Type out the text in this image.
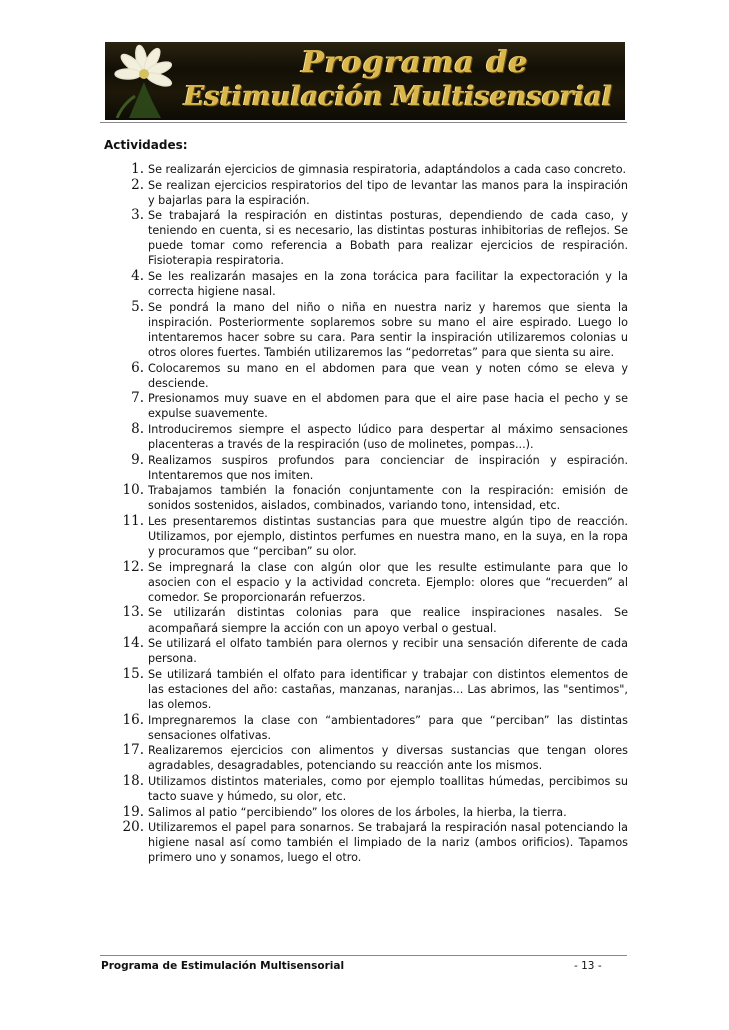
Programa de
Estimulación Multisensorial
Actividades:
1. Se realizarán ejercicios de gimnasia respiratoria, adaptándolos a cada caso concreto.
2. Se realizan ejercicios respiratorios del tipo de levantar las manos para la inspiración y bajarlas para la espiración.
3. Se trabajará la respiración en distintas posturas, dependiendo de cada caso, y teniendo en cuenta, si es necesario, las distintas posturas inhibitorias de reflejos. Se puede tomar como referencia a Bobath para realizar ejercicios de respiración. Fisioterapia respiratoria.
4. Se les realizarán masajes en la zona torácica para facilitar la expectoración y la correcta higiene nasal.
5. Se pondrá la mano del niño o niña en nuestra nariz y haremos que sienta la inspiración. Posteriormente soplaremos sobre su mano el aire espirado. Luego lo intentaremos hacer sobre su cara. Para sentir la inspiración utilizaremos colonias u otros olores fuertes. También utilizaremos las “pedorretas” para que sienta su aire.
6. Colocaremos su mano en el abdomen para que vean y noten cómo se eleva y desciende.
7. Presionamos muy suave en el abdomen para que el aire pase hacia el pecho y se expulse suavemente.
8. Introduciremos siempre el aspecto lúdico para despertar al máximo sensaciones placenteras a través de la respiración (uso de molinetes, pompas...).
9. Realizamos suspiros profundos para concienciar de inspiración y espiración. Intentaremos que nos imiten.
10. Trabajamos también la fonación conjuntamente con la respiración: emisión de sonidos sostenidos, aislados, combinados, variando tono, intensidad, etc.
11. Les presentaremos distintas sustancias para que muestre algún tipo de reacción. Utilizamos, por ejemplo, distintos perfumes en nuestra mano, en la suya, en la ropa y procuramos que “perciban” su olor.
12. Se impregnará la clase con algún olor que les resulte estimulante para que lo asocien con el espacio y la actividad concreta. Ejemplo: olores que “recuerden” al comedor. Se proporcionarán refuerzos.
13. Se utilizarán distintas colonias para que realice inspiraciones nasales. Se acompañará siempre la acción con un apoyo verbal o gestual.
14. Se utilizará el olfato también para olernos y recibir una sensación diferente de cada persona.
15. Se utilizará también el olfato para identificar y trabajar con distintos elementos de las estaciones del año: castañas, manzanas, naranjas... Las abrimos, las "sentimos", las olemos.
16. Impregnaremos la clase con “ambientadores” para que “perciban” las distintas sensaciones olfativas.
17. Realizaremos ejercicios con alimentos y diversas sustancias que tengan olores agradables, desagradables, potenciando su reacción ante los mismos.
18. Utilizamos distintos materiales, como por ejemplo toallitas húmedas, percibimos su tacto suave y húmedo, su olor, etc.
19. Salimos al patio “percibiendo” los olores de los árboles, la hierba, la tierra.
20. Utilizaremos el papel para sonarnos. Se trabajará la respiración nasal potenciando la higiene nasal así como también el limpiado de la nariz (ambos orificios). Tapamos primero uno y sonamos, luego el otro.
Programa de Estimulación Multisensorial	- 13 -
